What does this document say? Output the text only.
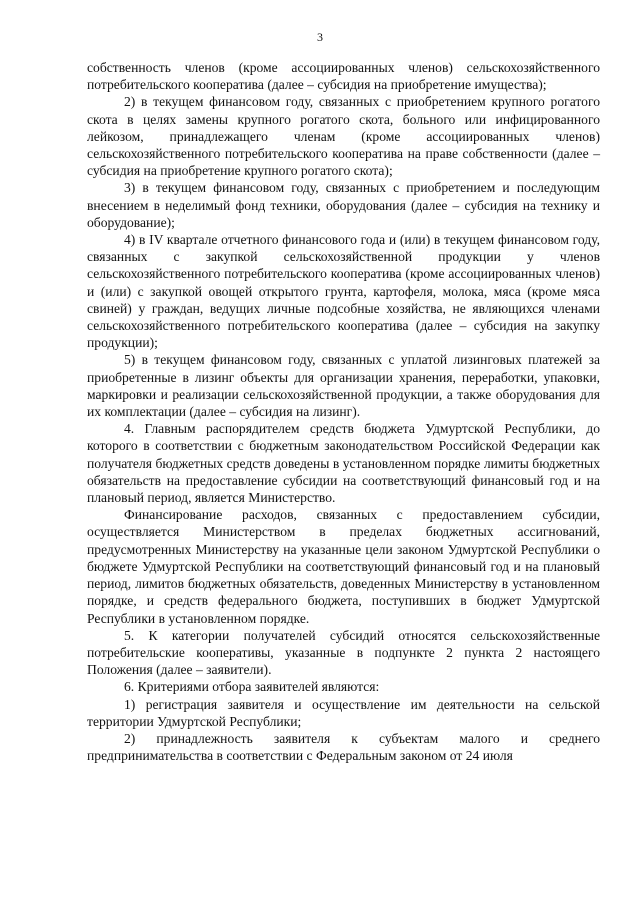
3

собственность членов (кроме ассоциированных членов) сельскохозяйственного потребительского кооператива (далее – субсидия на приобретение имущества);

2) в текущем финансовом году, связанных с приобретением крупного рогатого скота в целях замены крупного рогатого скота, больного или инфицированного лейкозом, принадлежащего членам (кроме ассоциированных членов) сельскохозяйственного потребительского кооператива на праве собственности (далее – субсидия на приобретение крупного рогатого скота);

3) в текущем финансовом году, связанных с приобретением и последующим внесением в неделимый фонд техники, оборудования (далее – субсидия на технику и оборудование);

4) в IV квартале отчетного финансового года и (или) в текущем финансовом году, связанных с закупкой сельскохозяйственной продукции у членов сельскохозяйственного потребительского кооператива (кроме ассоциированных членов) и (или) с закупкой овощей открытого грунта, картофеля, молока, мяса (кроме мяса свиней) у граждан, ведущих личные подсобные хозяйства, не являющихся членами сельскохозяйственного потребительского кооператива (далее – субсидия на закупку продукции);

5) в текущем финансовом году, связанных с уплатой лизинговых платежей за приобретенные в лизинг объекты для организации хранения, переработки, упаковки, маркировки и реализации сельскохозяйственной продукции, а также оборудования для их комплектации (далее – субсидия на лизинг).

4. Главным распорядителем средств бюджета Удмуртской Республики, до которого в соответствии с бюджетным законодательством Российской Федерации как получателя бюджетных средств доведены в установленном порядке лимиты бюджетных обязательств на предоставление субсидии на соответствующий финансовый год и на плановый период, является Министерство.

Финансирование расходов, связанных с предоставлением субсидии, осуществляется Министерством в пределах бюджетных ассигнований, предусмотренных Министерству на указанные цели законом Удмуртской Республики о бюджете Удмуртской Республики на соответствующий финансовый год и на плановый период, лимитов бюджетных обязательств, доведенных Министерству в установленном порядке, и средств федерального бюджета, поступивших в бюджет Удмуртской Республики в установленном порядке.

5. К категории получателей субсидий относятся сельскохозяйственные потребительские кооперативы, указанные в подпункте 2 пункта 2 настоящего Положения (далее – заявители).

6. Критериями отбора заявителей являются:

1) регистрация заявителя и осуществление им деятельности на сельской территории Удмуртской Республики;

2) принадлежность заявителя к субъектам малого и среднего предпринимательства в соответствии с Федеральным законом от 24 июля
